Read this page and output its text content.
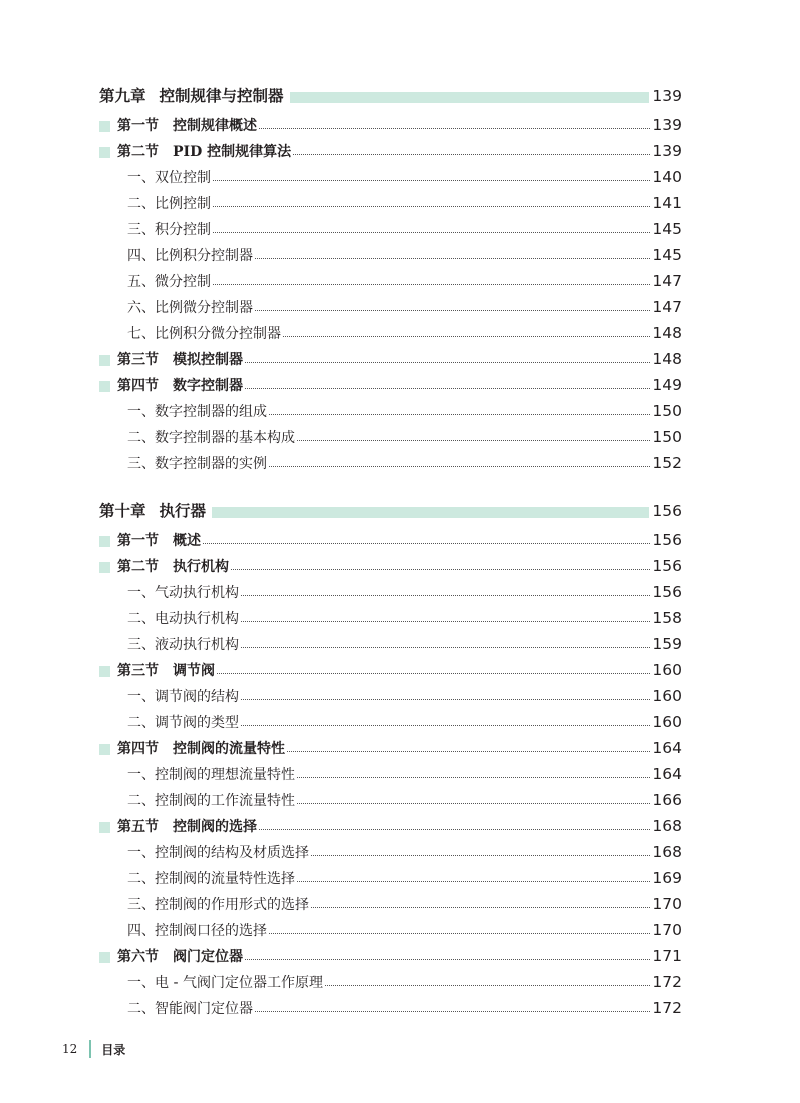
第九章 控制规律与控制器	139
第一节 控制规律概述	139
第二节 PID 控制规律算法	139
一、双位控制	140
二、比例控制	141
三、积分控制	145
四、比例积分控制器	145
五、微分控制	147
六、比例微分控制器	147
七、比例积分微分控制器	148
第三节 模拟控制器	148
第四节 数字控制器	149
一、数字控制器的组成	150
二、数字控制器的基本构成	150
三、数字控制器的实例	152
第十章 执行器	156
第一节 概述	156
第二节 执行机构	156
一、气动执行机构	156
二、电动执行机构	158
三、液动执行机构	159
第三节 调节阀	160
一、调节阀的结构	160
二、调节阀的类型	160
第四节 控制阀的流量特性	164
一、控制阀的理想流量特性	164
二、控制阀的工作流量特性	166
第五节 控制阀的选择	168
一、控制阀的结构及材质选择	168
二、控制阀的流量特性选择	169
三、控制阀的作用形式的选择	170
四、控制阀口径的选择	170
第六节 阀门定位器	171
一、电 - 气阀门定位器工作原理	172
二、智能阀门定位器	172
12 目录
